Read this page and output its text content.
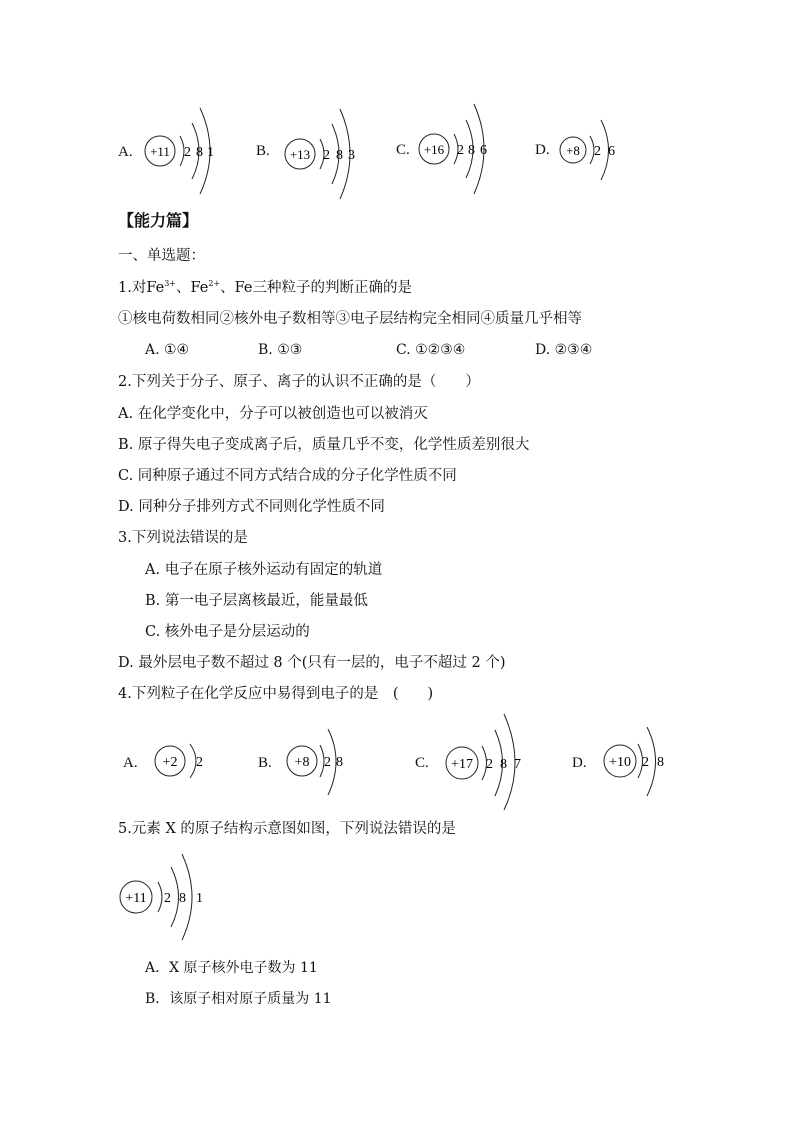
A. +11 2 8 1	B. +13 2 8 3	C. +16 2 8 6	D. +8 2 6
【能力篇】
一、单选题：
1.对$Fe^{3+}$、$Fe^{2+}$、Fe三种粒子的判断正确的是
①核电荷数相同②核外电子数相等③电子层结构完全相同④质量几乎相等
A. ①④	B. ①③	C. ①②③④	D. ②③④
2.下列关于分子、原子、离子的认识不正确的是（　　）
A. 在化学变化中，分子可以被创造也可以被消灭
B. 原子得失电子变成离子后，质量几乎不变，化学性质差别很大
C. 同种原子通过不同方式结合成的分子化学性质不同
D. 同种分子排列方式不同则化学性质不同
3.下列说法错误的是
A. 电子在原子核外运动有固定的轨道
B. 第一电子层离核最近，能量最低
C. 核外电子是分层运动的
D. 最外层电子数不超过 8 个(只有一层的，电子不超过 2 个)
4.下列粒子在化学反应中易得到电子的是　(　　)
A. +2 2	B. +8 2 8	C. +17 2 8 7	D. +10 2 8
5.元素 X 的原子结构示意图如图，下列说法错误的是
+11 2 8 1
A．X 原子核外电子数为 11
B．该原子相对原子质量为 11
